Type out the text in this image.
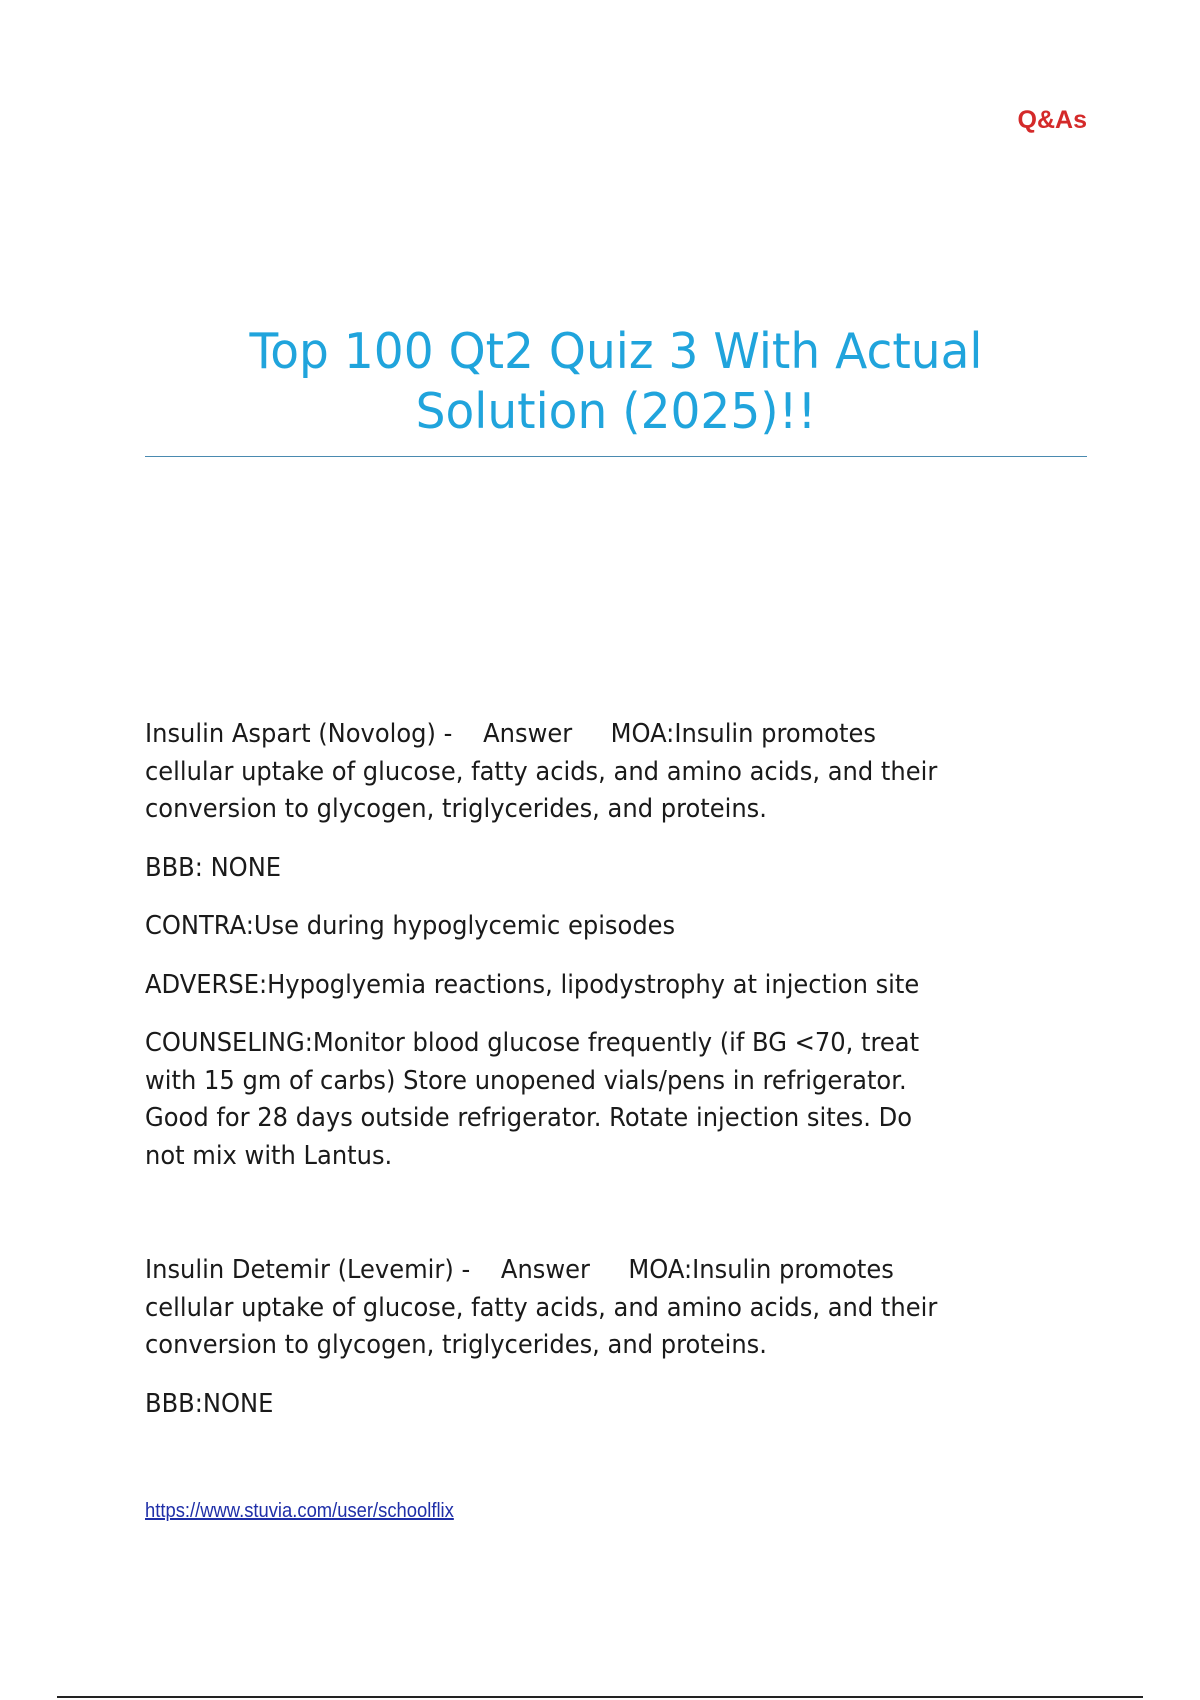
Q&As
Top 100 Qt2 Quiz 3 With Actual
Solution (2025)!!
Insulin Aspart (Novolog) -    Answer     MOA:Insulin promotes
cellular uptake of glucose, fatty acids, and amino acids, and their
conversion to glycogen, triglycerides, and proteins.
BBB: NONE
CONTRA:Use during hypoglycemic episodes
ADVERSE:Hypoglyemia reactions, lipodystrophy at injection site
COUNSELING:Monitor blood glucose frequently (if BG <70, treat
with 15 gm of carbs) Store unopened vials/pens in refrigerator.
Good for 28 days outside refrigerator. Rotate injection sites. Do
not mix with Lantus.
Insulin Detemir (Levemir) -    Answer     MOA:Insulin promotes
cellular uptake of glucose, fatty acids, and amino acids, and their
conversion to glycogen, triglycerides, and proteins.
BBB:NONE
https://www.stuvia.com/user/schoolflix
